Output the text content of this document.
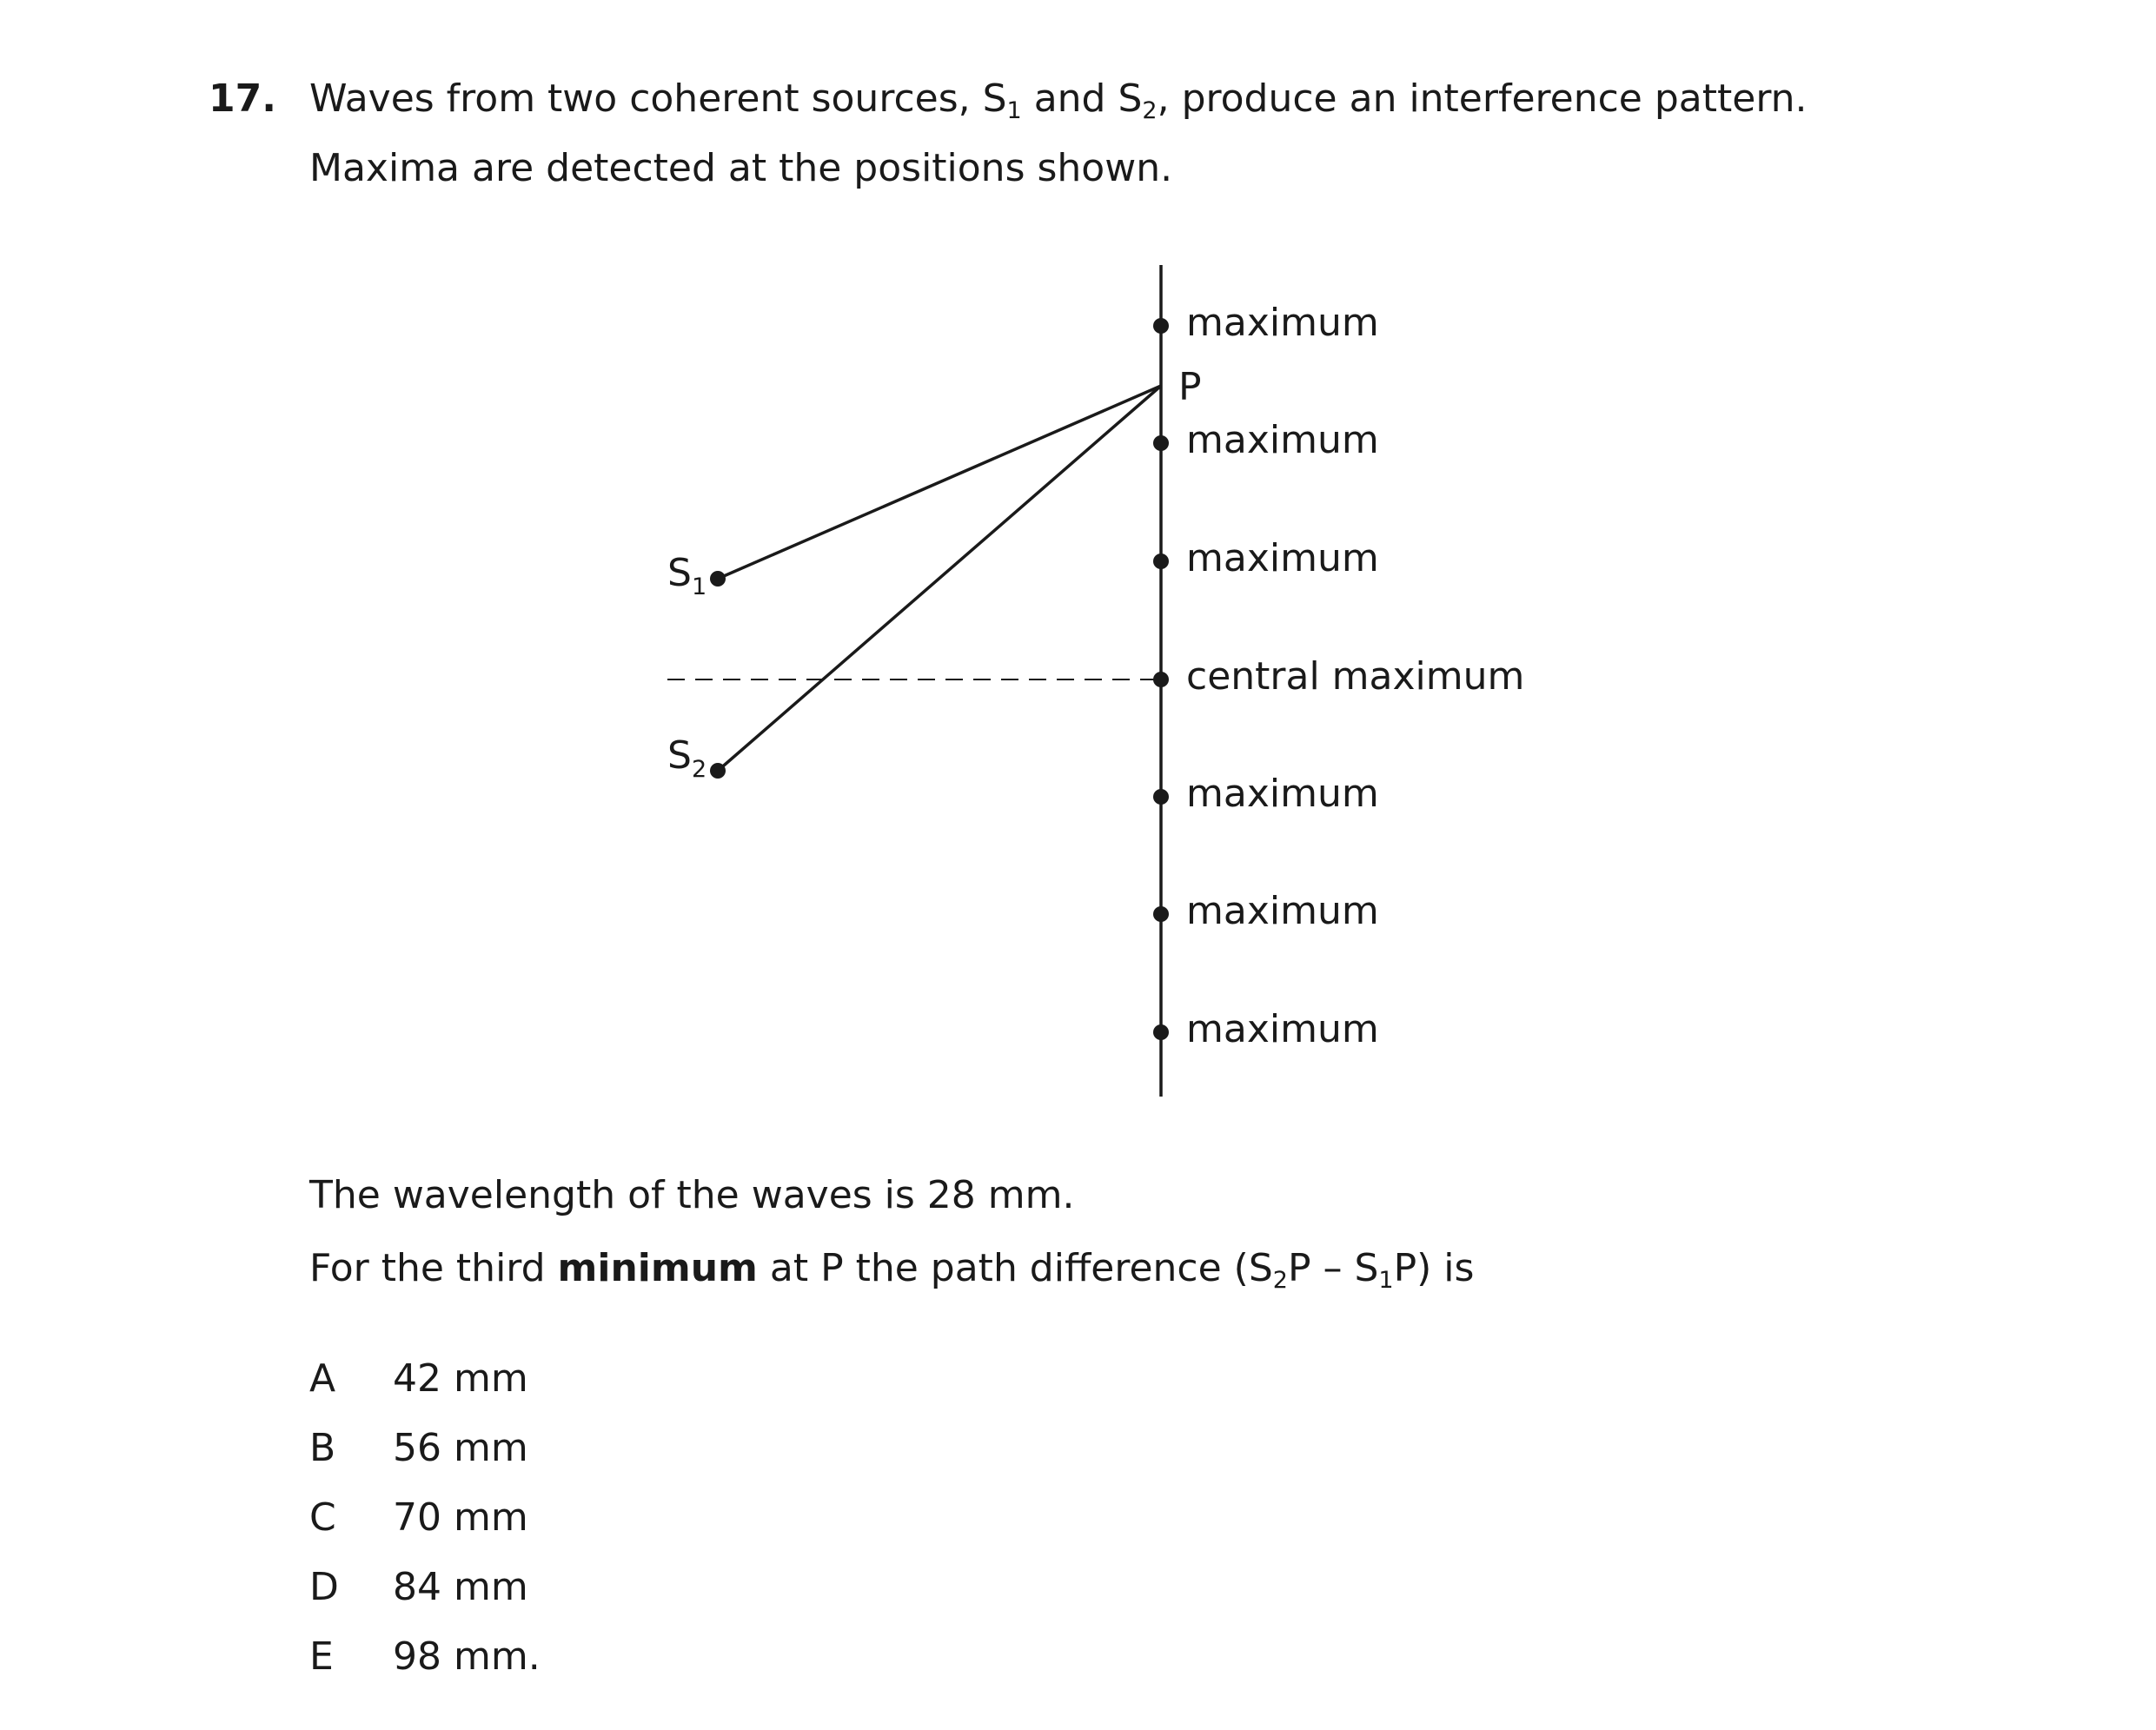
17. Waves from two coherent sources, $S_1$ and $S_2$, produce an interference pattern.

Maxima are detected at the positions shown.

$S_1$
$S_2$
P
maximum
maximum
maximum
central maximum
maximum
maximum
maximum

The wavelength of the waves is 28 mm.

For the third minimum at P the path difference $(S_2P - S_1P)$ is

A	42 mm
B	56 mm
C	70 mm
D	84 mm
E	98 mm.
